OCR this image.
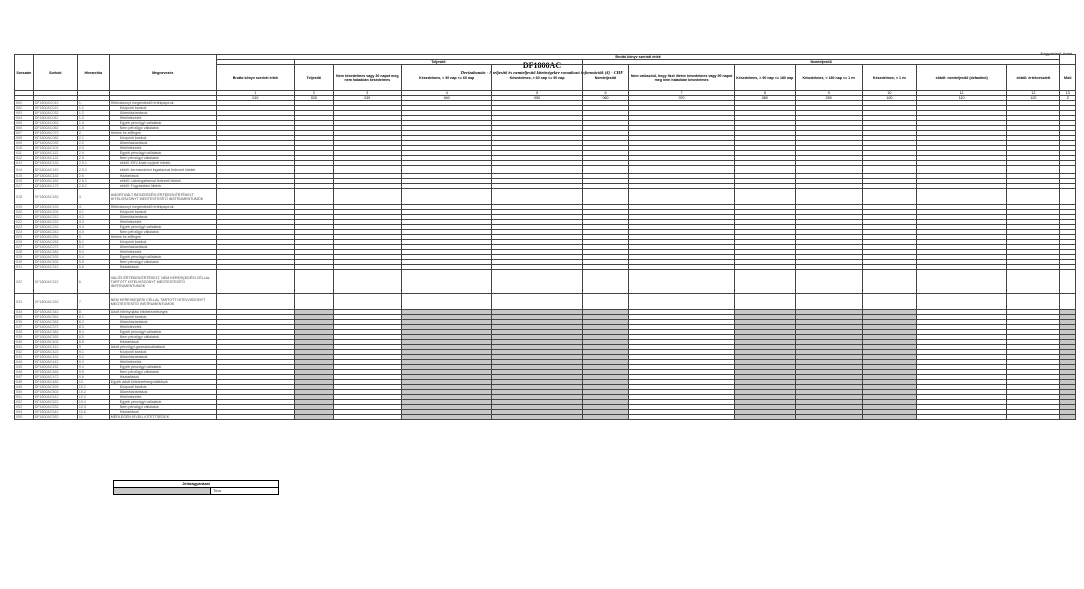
DF1800AC
Devizabontás - A teljesítő és nemteljesítő kitettségekre vonatkozó információk (4) - CHF
Nagyobbról: forint
Sorszám	Sorkód	Hierarchia	Megnevezés	Bruttó könyv szerinti érték												
					Teljesítő				Nemteljesítő							
				Bruttó könyv szerinti érték	Teljesítő	Nem késedelmes vagy 30 napot meg nem haladóan késedelmes	Késedelmes, > 30 nap <= 60 nap	Késedelmes, > 60 nap <= 90 nap	Nemteljesítő	Nem valószínű, hogy fizet illetve késedelmes vagy 90 napot meg nem haladóan késedelmes	Késedelmes, > 90 nap <= 180 nap	Késedelmes, > 180 nap <= 1 év	Késedelmes, > 1 év	ebből: nemteljesítő (defaulted)	ebből: értékvesztett	Mód
				1	2	3	4	5	6	7	8	9	10	11	12	13
				010	020	030	040	050	060	070	080	090	100	110	120	Z
001	DF1800AC012	1.	Hitelviszonyt megtestesítő értékpapírok													
002	DF1800AC022	1.1	Központi bankok													
003	DF1800AC032	1.2	Államháztartások													
004	DF1800AC042	1.3	Hitelintézetek													
005	DF1800AC052	1.4	Egyéb pénzügyi vállalatok													
006	DF1800AC062	1.5	Nem pénzügyi vállalatok													
007	DF1800AC072	2.	Hitelek és előlegek													
008	DF1800AC082	2.1	Központi bankok													
009	DF1800AC092	2.2	Államháztartások													
010	DF1800AC102	2.3	Hitelintézetek													
011	DF1800AC112	2.4	Egyéb pénzügyi vállalatok													
012	DF1800AC122	2.5	Nem pénzügyi vállalatok													
013	DF1800AC132	2.5.1	ebből: KKV-knak nyújtott hitelek													
014	DF1800AC142	2.5.2	ebből: kereskedelmi ingatlannal fedezett hitelek													
015	DF1800AC152	2.6	Háztartások													
016	DF1800AC162	2.6.1	ebből: Lakóingatlannal fedezett hitelek													
017	DF1800AC172	2.6.2	ebből: Fogyasztási hitelek													
018	DF1800AC182	3.	AMORTIZÁLT BESZERZÉSI ÉRTÉKEN ÉRTÉKELT HITELVISZONYT MEGTESTESÍTŐ INSTRUMENTUMOK													
019	DF1800AC192	4.	Hitelviszonyt megtestesítő értékpapírok													
020	DF1800AC202	4.1	Központi bankok													
021	DF1800AC212	4.2	Államháztartások													
022	DF1800AC222	4.3	Hitelintézetek													
023	DF1800AC232	4.4	Egyéb pénzügyi vállalatok													
024	DF1800AC242	4.5	Nem pénzügyi vállalatok													
025	DF1800AC252	5.	Hitelek és előlegek													
026	DF1800AC262	5.1	Központi bankok													
027	DF1800AC272	5.2	Államháztartások													
028	DF1800AC282	5.3	Hitelintézetek													
029	DF1800AC292	5.4	Egyéb pénzügyi vállalatok													
030	DF1800AC302	5.5	Nem pénzügyi vállalatok													
031	DF1800AC312	5.6	Háztartások													
032	DF1800AC322	6.	VALÓS ÉRTÉKEN ÉRTÉKELT, NEM KERESKEDÉSI CÉLLAL TARTOTT HITELVISZONYT MEGTESTESÍTŐ INSTRUMENTUMOK													
033	DF1800AC332	7.	NEM KERESKEDÉSI CÉLLAL TARTOTT HITELVISZONYT MEGTESTESÍTŐ INSTRUMENTUMOK													
034	DF1800AC342	8.	Adott hitelnyújtási elkötelezettségek													
035	DF1800AC352	8.1	Központi bankok													
036	DF1800AC362	8.2	Államháztartások													
037	DF1800AC372	8.3	Hitelintézetek													
038	DF1800AC382	8.4	Egyéb pénzügyi vállalatok													
039	DF1800AC392	8.5	Nem pénzügyi vállalatok													
040	DF1800AC402	8.6	Háztartások													
041	DF1800AC412	9.	Adott pénzügyi garanciavállalások													
042	DF1800AC422	9.1	Központi bankok													
043	DF1800AC432	9.2	Államháztartások													
044	DF1800AC442	9.3	Hitelintézetek													
045	DF1800AC452	9.4	Egyéb pénzügyi vállalatok													
046	DF1800AC462	9.5	Nem pénzügyi vállalatok													
047	DF1800AC472	9.6	Háztartások													
048	DF1800AC482	10.	Egyéb adott kötelezettségvállalások													
049	DF1800AC492	10.1	Központi bankok													
050	DF1800AC502	10.2	Államháztartások													
051	DF1800AC512	10.3	Hitelintézetek													
052	DF1800AC522	10.4	Egyéb pénzügyi vállalatok													
053	DF1800AC532	10.5	Nem pénzügyi vállalatok													
054	DF1800AC542	10.6	Háztartások													
055	DF1800AC552	11.	MÉRLEGEN KÍVÜLI KITETTSÉGEK													
Jelmagyarázat
Tilos
